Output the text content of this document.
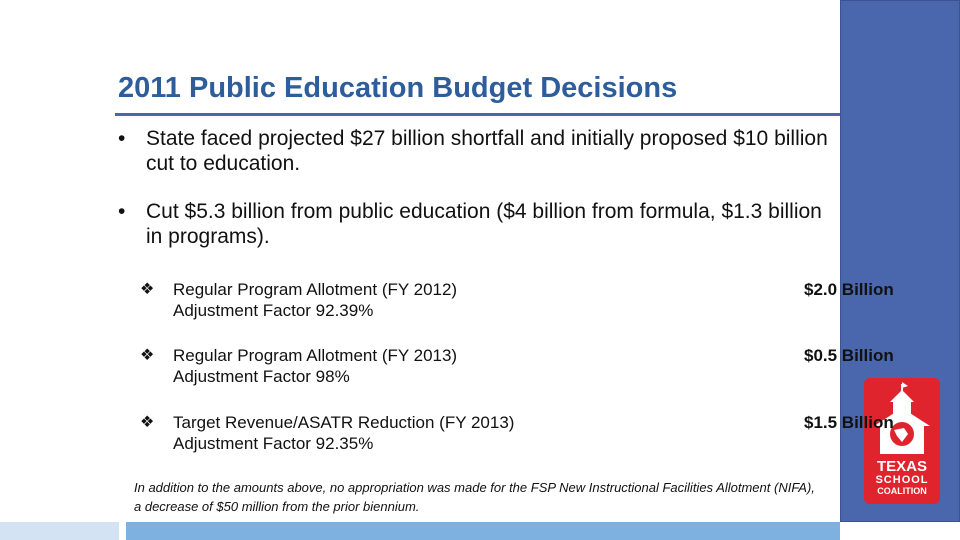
2011 Public Education Budget Decisions
• State faced projected $27 billion shortfall and initially proposed $10 billion cut to education.
• Cut $5.3 billion from public education ($4 billion from formula, $1.3 billion in programs).
TEXAS
SCHOOL
COALITION
❖ Regular Program Allotment (FY 2012)
Adjustment Factor 92.39%
$2.0 Billion
❖ Regular Program Allotment (FY 2013)
Adjustment Factor 98%
$0.5 Billion
❖ Target Revenue/ASATR Reduction (FY 2013)
Adjustment Factor 92.35%
$1.5 Billion
In addition to the amounts above, no appropriation was made for the FSP New Instructional Facilities Allotment (NIFA), a decrease of $50 million from the prior biennium.
